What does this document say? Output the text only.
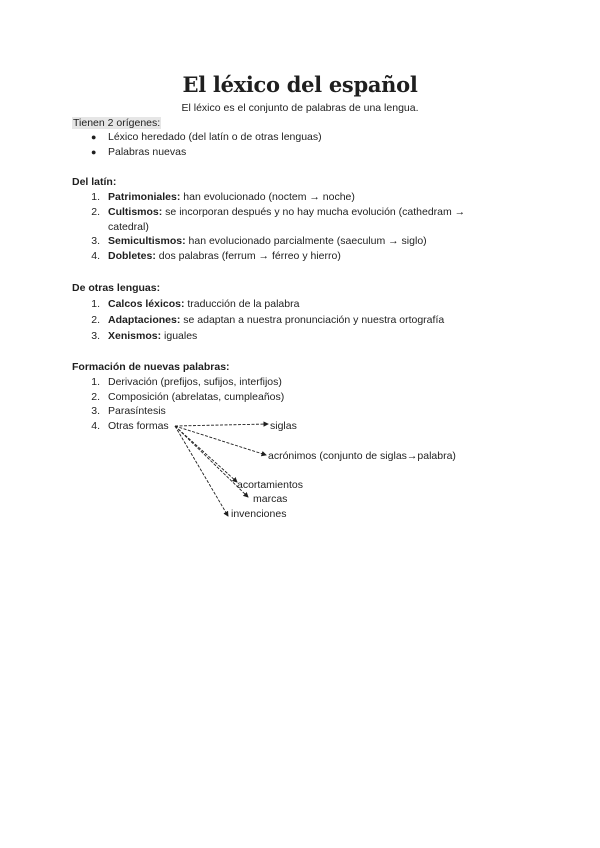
El léxico del español
El léxico es el conjunto de palabras de una lengua.
Tienen 2 orígenes:
● Léxico heredado (del latín o de otras lenguas)
● Palabras nuevas
Del latín:
1. Patrimoniales: han evolucionado (noctem → noche)
2. Cultismos: se incorporan después y no hay mucha evolución (cathedram →
catedral)
3. Semicultismos: han evolucionado parcialmente (saeculum → siglo)
4. Dobletes: dos palabras (ferrum → férreo y hierro)
De otras lenguas:
1. Calcos léxicos: traducción de la palabra
2. Adaptaciones: se adaptan a nuestra pronunciación y nuestra ortografía
3. Xenismos: iguales
Formación de nuevas palabras:
1. Derivación (prefijos, sufijos, interfijos)
2. Composición (abrelatas, cumpleaños)
3. Parasíntesis
4. Otras formas	siglas
acrónimos (conjunto de siglas→palabra)
acortamientos
marcas
invenciones
